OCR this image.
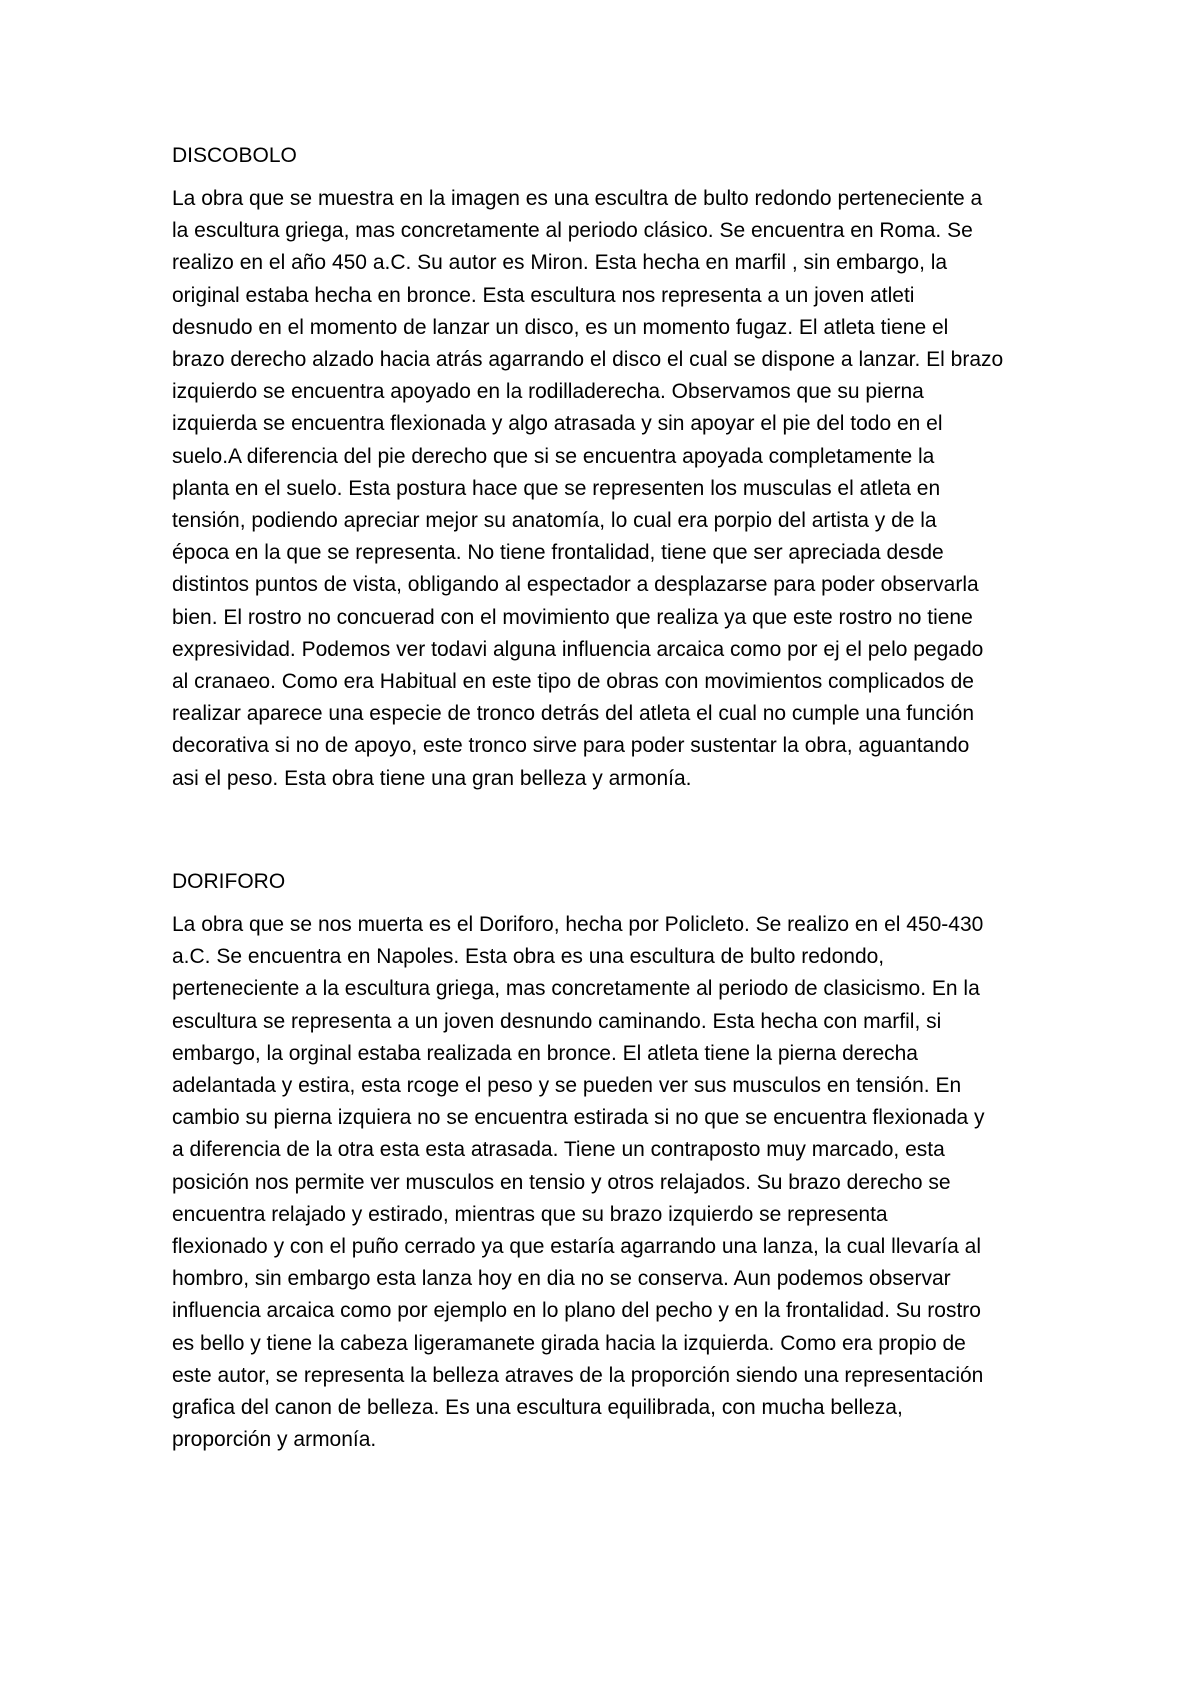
DISCOBOLO
La obra que se muestra en la imagen es una escultra de bulto redondo perteneciente a
la escultura griega, mas concretamente al periodo clásico. Se encuentra en Roma. Se
realizo en el año 450 a.C. Su autor es Miron. Esta hecha en marfil , sin embargo, la
original estaba hecha en bronce. Esta escultura nos representa a un joven atleti
desnudo en el momento de lanzar un disco, es un momento fugaz. El atleta tiene el
brazo derecho alzado hacia atrás agarrando el disco el cual se dispone a lanzar. El brazo
izquierdo se encuentra apoyado en la rodilladerecha. Observamos que su pierna
izquierda se encuentra flexionada y algo atrasada y sin apoyar el pie del todo en el
suelo.A diferencia del pie derecho que si se encuentra apoyada completamente la
planta en el suelo. Esta postura hace que se representen los musculas el atleta en
tensión, podiendo apreciar mejor su anatomía, lo cual era porpio del artista y de la
época en la que se representa. No tiene frontalidad, tiene que ser apreciada desde
distintos puntos de vista, obligando al espectador a desplazarse para poder observarla
bien. El rostro no concuerad con el movimiento que realiza ya que este rostro no tiene
expresividad. Podemos ver todavi alguna influencia arcaica como por ej el pelo pegado
al cranaeo. Como era Habitual en este tipo de obras con movimientos complicados de
realizar aparece una especie de tronco detrás del atleta el cual no cumple una función
decorativa si no de apoyo, este tronco sirve para poder sustentar la obra, aguantando
asi el peso. Esta obra tiene una gran belleza y armonía.
DORIFORO
La obra que se nos muerta es el Doriforo, hecha por Policleto. Se realizo en el 450-430
a.C. Se encuentra en Napoles. Esta obra es una escultura de bulto redondo,
perteneciente a la escultura griega, mas concretamente al periodo de clasicismo. En la
escultura se representa a un joven desnundo caminando. Esta hecha con marfil, si
embargo, la orginal estaba realizada en bronce. El atleta tiene la pierna derecha
adelantada y estira, esta rcoge el peso y se pueden ver sus musculos en tensión. En
cambio su pierna izquiera no se encuentra estirada si no que se encuentra flexionada y
a diferencia de la otra esta esta atrasada. Tiene un contraposto muy marcado, esta
posición nos permite ver musculos en tensio y otros relajados. Su brazo derecho se
encuentra relajado y estirado, mientras que su brazo izquierdo se representa
flexionado y con el puño cerrado ya que estaría agarrando una lanza, la cual llevaría al
hombro, sin embargo esta lanza hoy en dia no se conserva. Aun podemos observar
influencia arcaica como por ejemplo en lo plano del pecho y en la frontalidad. Su rostro
es bello y tiene la cabeza ligeramanete girada hacia la izquierda. Como era propio de
este autor, se representa la belleza atraves de la proporción siendo una representación
grafica del canon de belleza. Es una escultura equilibrada, con mucha belleza,
proporción y armonía.
